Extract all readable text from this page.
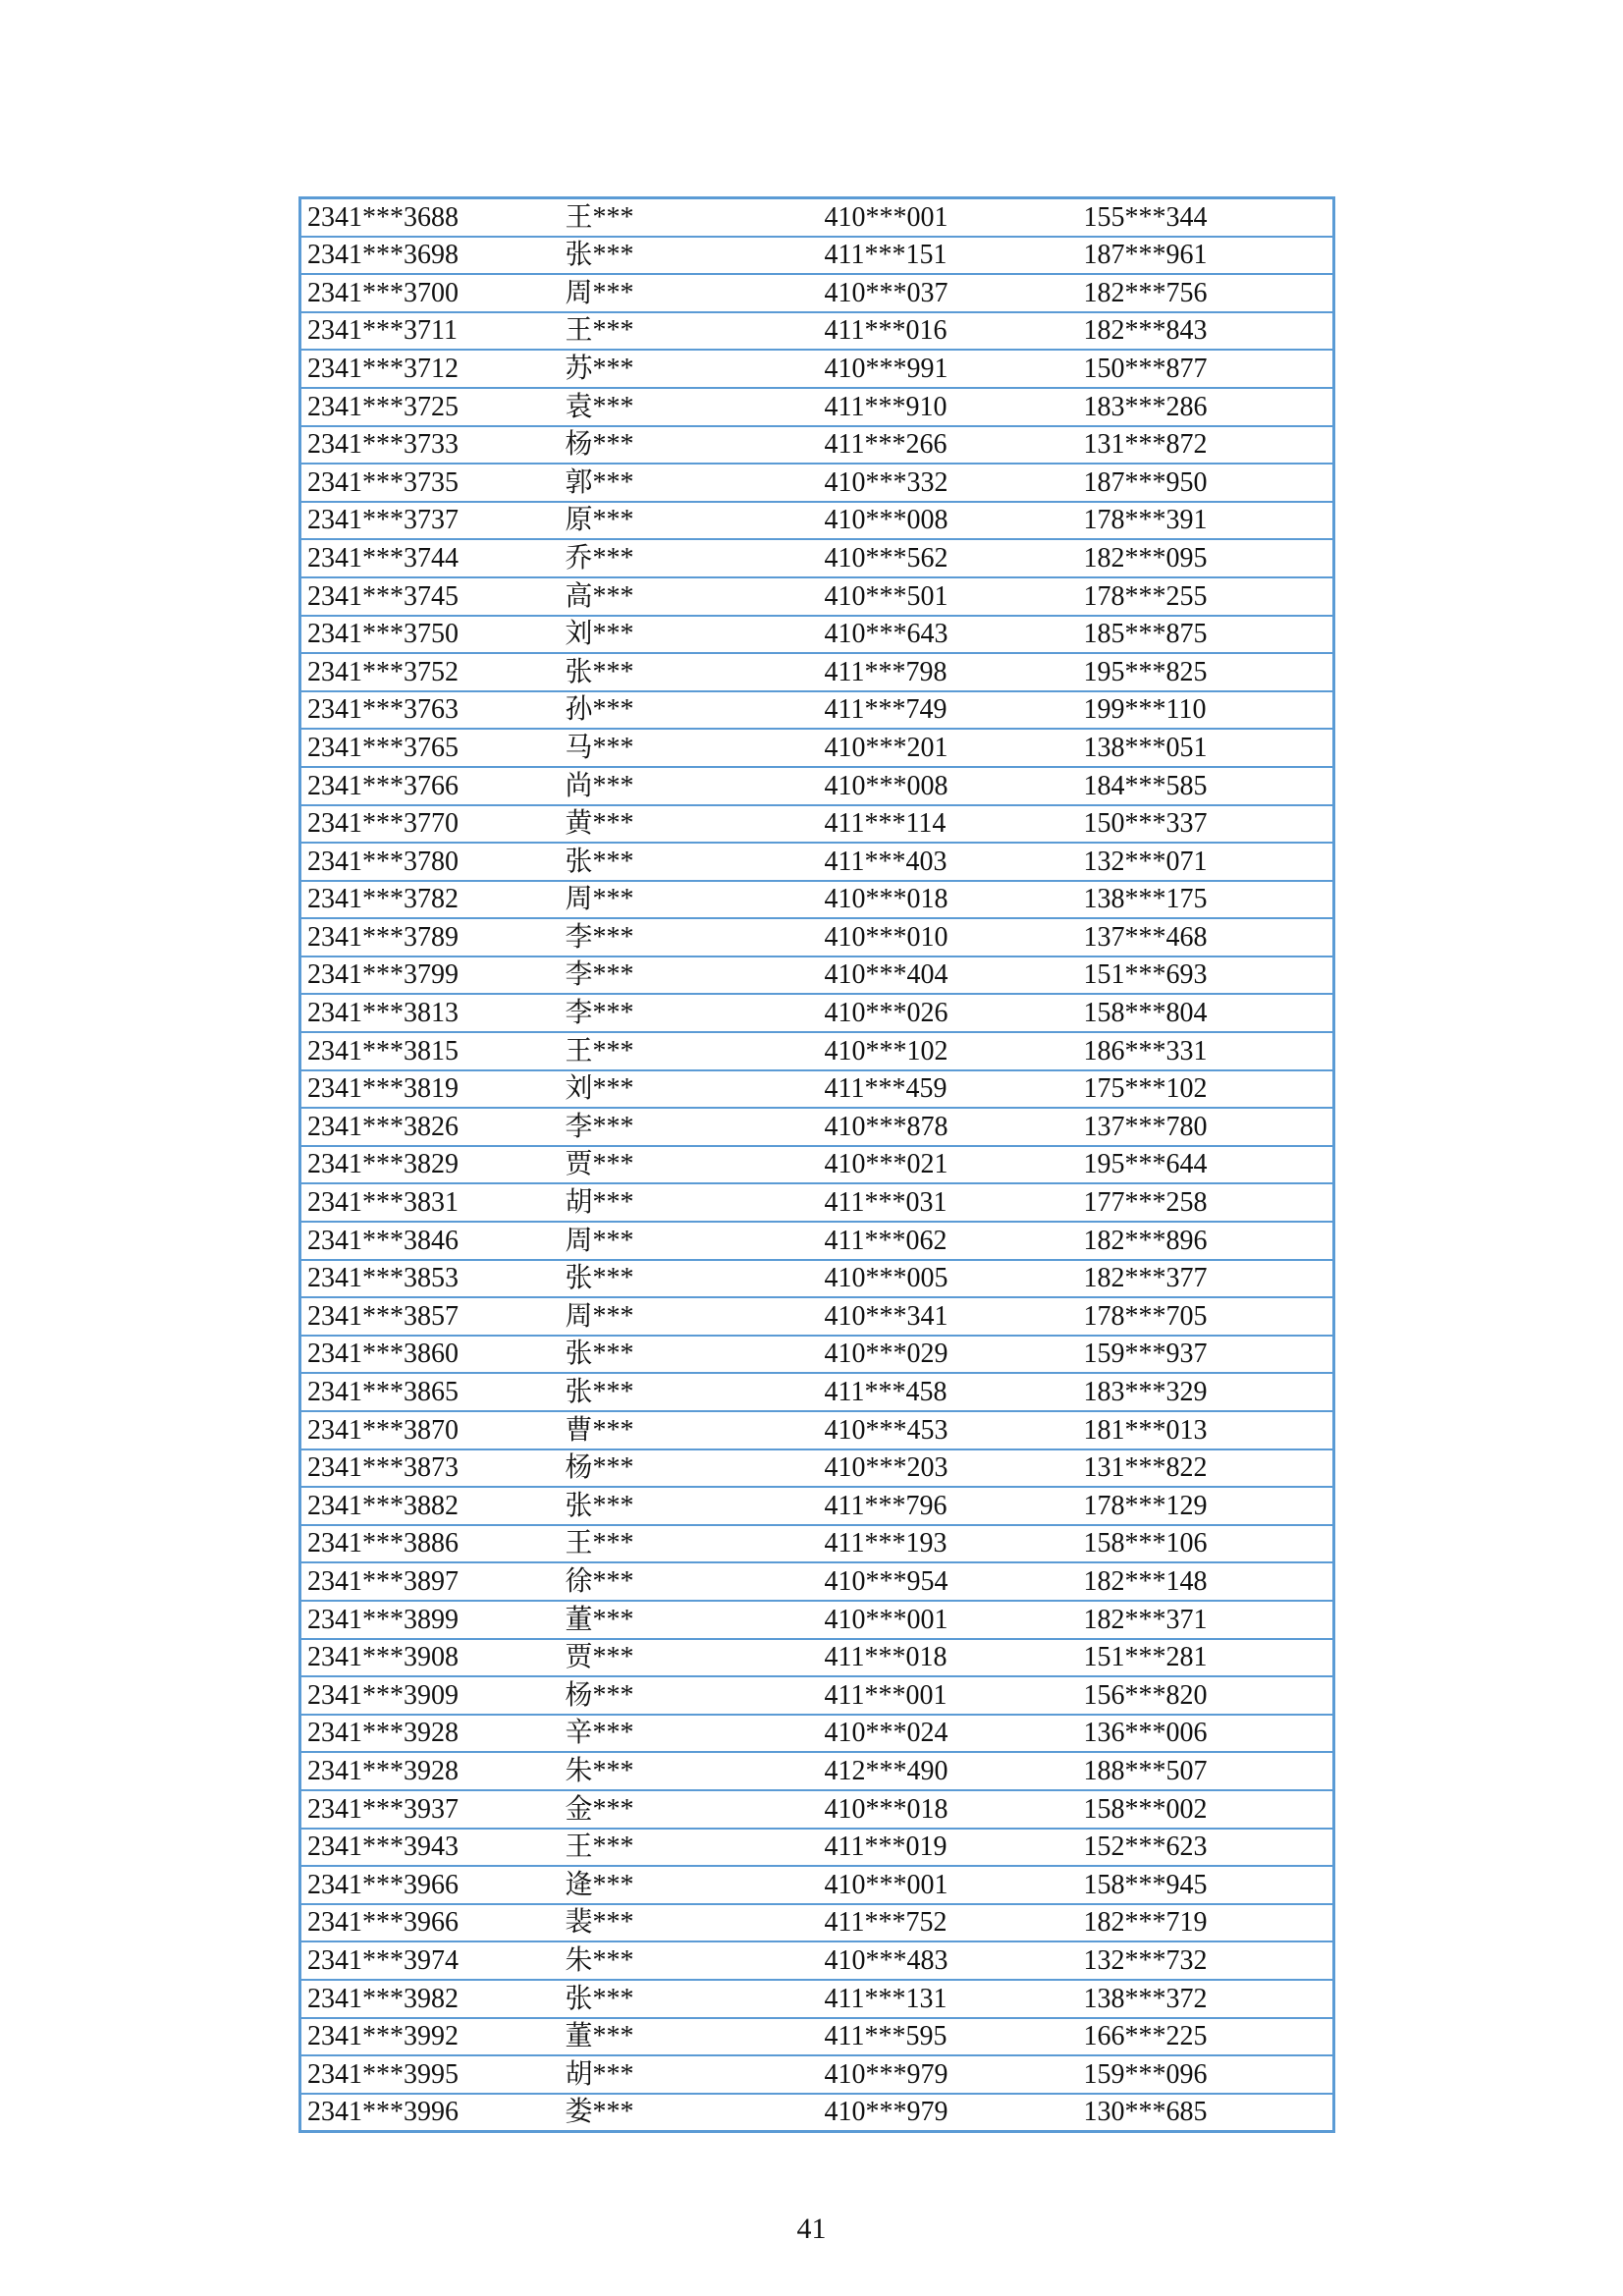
2341***3688	王***	410***001	155***344
2341***3698	张***	411***151	187***961
2341***3700	周***	410***037	182***756
2341***3711	王***	411***016	182***843
2341***3712	苏***	410***991	150***877
2341***3725	袁***	411***910	183***286
2341***3733	杨***	411***266	131***872
2341***3735	郭***	410***332	187***950
2341***3737	原***	410***008	178***391
2341***3744	乔***	410***562	182***095
2341***3745	高***	410***501	178***255
2341***3750	刘***	410***643	185***875
2341***3752	张***	411***798	195***825
2341***3763	孙***	411***749	199***110
2341***3765	马***	410***201	138***051
2341***3766	尚***	410***008	184***585
2341***3770	黄***	411***114	150***337
2341***3780	张***	411***403	132***071
2341***3782	周***	410***018	138***175
2341***3789	李***	410***010	137***468
2341***3799	李***	410***404	151***693
2341***3813	李***	410***026	158***804
2341***3815	王***	410***102	186***331
2341***3819	刘***	411***459	175***102
2341***3826	李***	410***878	137***780
2341***3829	贾***	410***021	195***644
2341***3831	胡***	411***031	177***258
2341***3846	周***	411***062	182***896
2341***3853	张***	410***005	182***377
2341***3857	周***	410***341	178***705
2341***3860	张***	410***029	159***937
2341***3865	张***	411***458	183***329
2341***3870	曹***	410***453	181***013
2341***3873	杨***	410***203	131***822
2341***3882	张***	411***796	178***129
2341***3886	王***	411***193	158***106
2341***3897	徐***	410***954	182***148
2341***3899	董***	410***001	182***371
2341***3908	贾***	411***018	151***281
2341***3909	杨***	411***001	156***820
2341***3928	辛***	410***024	136***006
2341***3928	朱***	412***490	188***507
2341***3937	金***	410***018	158***002
2341***3943	王***	411***019	152***623
2341***3966	逄***	410***001	158***945
2341***3966	裴***	411***752	182***719
2341***3974	朱***	410***483	132***732
2341***3982	张***	411***131	138***372
2341***3992	董***	411***595	166***225
2341***3995	胡***	410***979	159***096
2341***3996	娄***	410***979	130***685
41
